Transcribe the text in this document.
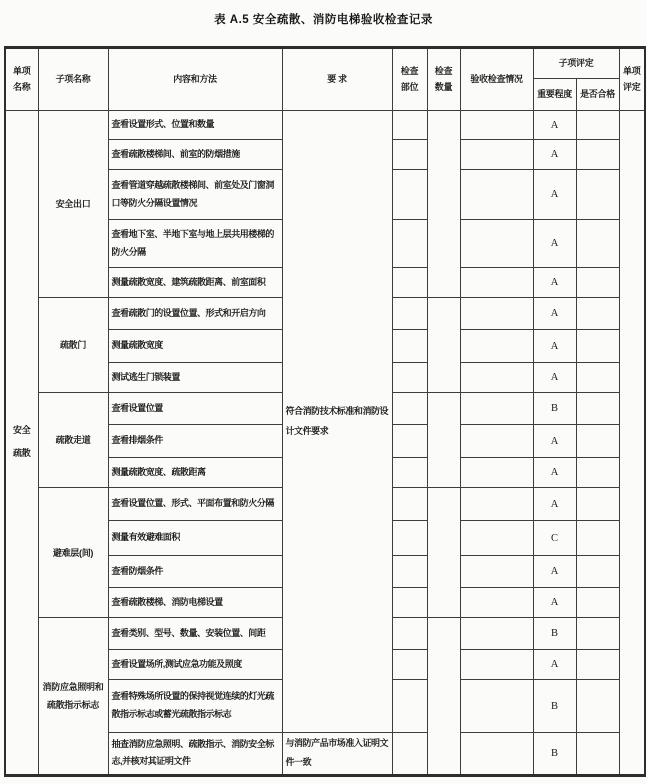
表 A.5 安全疏散、消防电梯验收检查记录
单项名称	子项名称	内容和方法	要 求	检查部位	检查数量	验收检查情况	子项评定		单项评定
							重要程度	是否合格	
安全疏散	安全出口	查看设置形式、位置和数量	符合消防技术标准和消防设计文件要求				A		
		查看疏散楼梯间、前室的防烟措施					A		
		查看管道穿越疏散楼梯间、前室处及门窗洞口等防火分隔设置情况					A		
		查看地下室、半地下室与地上层共用楼梯的防火分隔					A		
		测量疏散宽度、建筑疏散距离、前室面积					A		
	疏散门	查看疏散门的设置位置、形式和开启方向					A		
		测量疏散宽度					A		
		测试逃生门锁装置					A		
	疏散走道	查看设置位置					B		
		查看排烟条件					A		
		测量疏散宽度、疏散距离					A		
	避难层(间)	查看设置位置、形式、平面布置和防火分隔					A		
		测量有效避难面积					C		
		查看防烟条件					A		
		查看疏散楼梯、消防电梯设置					A		
	消防应急照明和疏散指示标志	查看类别、型号、数量、安装位置、间距					B		
		查看设置场所,测试应急功能及照度					A		
		查看特殊场所设置的保持视觉连续的灯光疏散指示标志或蓄光疏散指示标志					B		
		抽查消防应急照明、疏散指示、消防安全标志,并核对其证明文件	与消防产品市场准入证明文件一致				B		
